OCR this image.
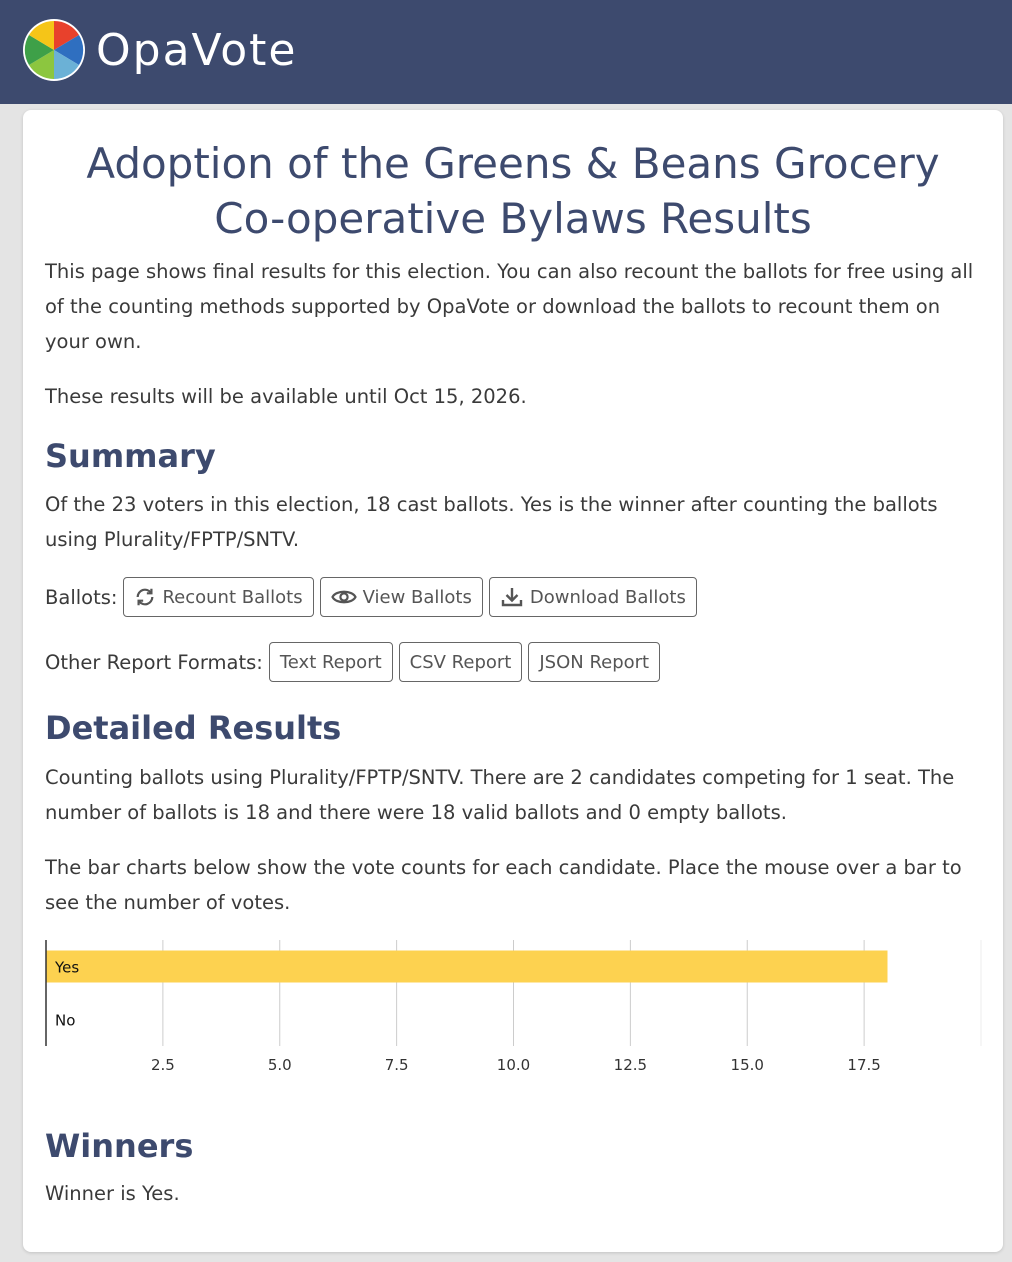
OpaVote
Adoption of the Greens & Beans Grocery Co-operative Bylaws Results

This page shows final results for this election. You can also recount the ballots for free using all of the counting methods supported by OpaVote or download the ballots to recount them on your own.

These results will be available until Oct 15, 2026.

Summary

Of the 23 voters in this election, 18 cast ballots. Yes is the winner after counting the ballots using Plurality/FPTP/SNTV.

Ballots:	Recount Ballots	View Ballots	Download Ballots
Other Report Formats: Text Report	CSV Report	JSON Report
Detailed Results

Counting ballots using Plurality/FPTP/SNTV. There are 2 candidates competing for 1 seat. The number of ballots is 18 and there were 18 valid ballots and 0 empty ballots.

The bar charts below show the vote counts for each candidate. Place the mouse over a bar to see the number of votes.

2.5	5.0	7.5	10.0	12.5	15.0	17.5
Yes
No
Winners

Winner is Yes.
